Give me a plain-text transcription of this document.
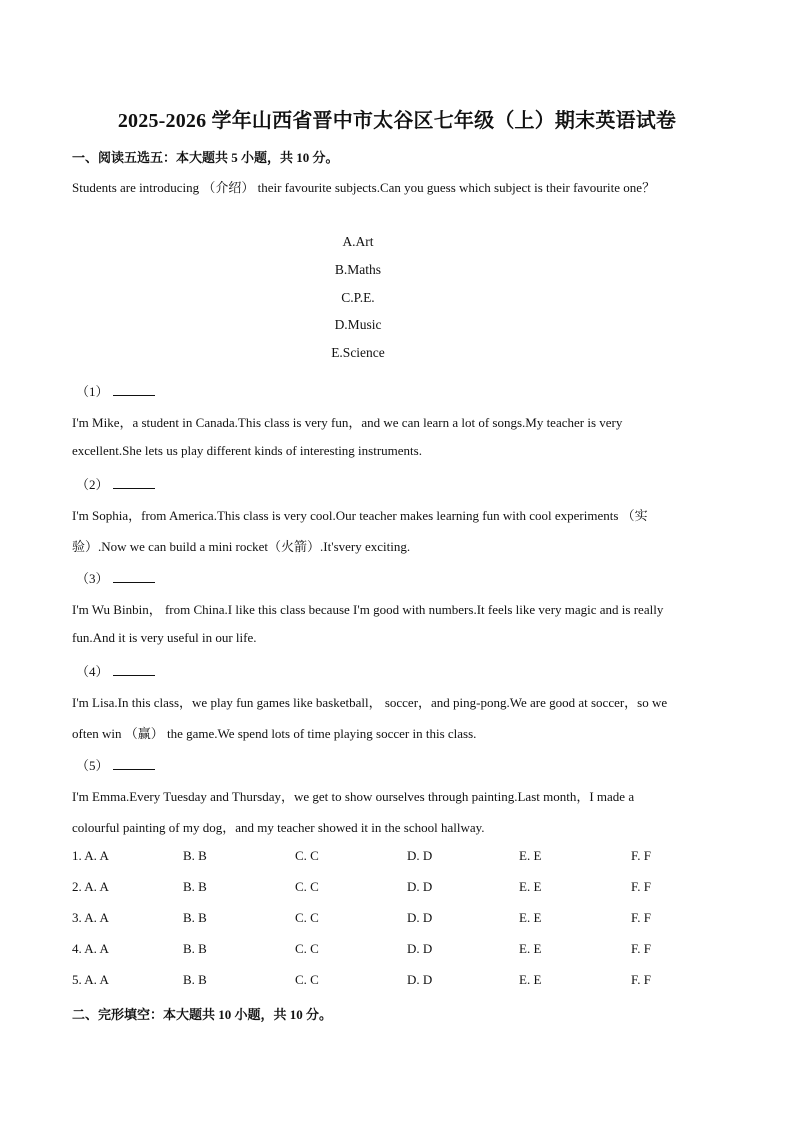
2025-2026 学年山西省晋中市太谷区七年级（上）期末英语试卷
一、阅读五选五：本大题共 5 小题，共 10 分。
Students are introducing （介绍） their favourite subjects.Can you guess which subject is their favourite one？
A.Art
B.Maths
C.P.E.
D.Music
E.Science
（1）
I'm Mike，a student in Canada.This class is very fun，and we can learn a lot of songs.My teacher is very
excellent.She lets us play different kinds of interesting instruments.
（2）
I'm Sophia，from America.This class is very cool.Our teacher makes learning fun with cool experiments （实
验）.Now we can build a mini rocket（火箭）.It'svery exciting.
（3）
I'm Wu Binbin， from China.I like this class because I'm good with numbers.It feels like very magic and is really
fun.And it is very useful in our life.
（4）
I'm Lisa.In this class，we play fun games like basketball， soccer，and ping-pong.We are good at soccer，so we
often win （赢） the game.We spend lots of time playing soccer in this class.
（5）
I'm Emma.Every Tuesday and Thursday，we get to show ourselves through painting.Last month，I made a
colourful painting of my dog，and my teacher showed it in the school hallway.
1. A. A	B. B	C. C	D. D	E. E	F. F
2. A. A	B. B	C. C	D. D	E. E	F. F
3. A. A	B. B	C. C	D. D	E. E	F. F
4. A. A	B. B	C. C	D. D	E. E	F. F
5. A. A	B. B	C. C	D. D	E. E	F. F
二、完形填空：本大题共 10 小题，共 10 分。
